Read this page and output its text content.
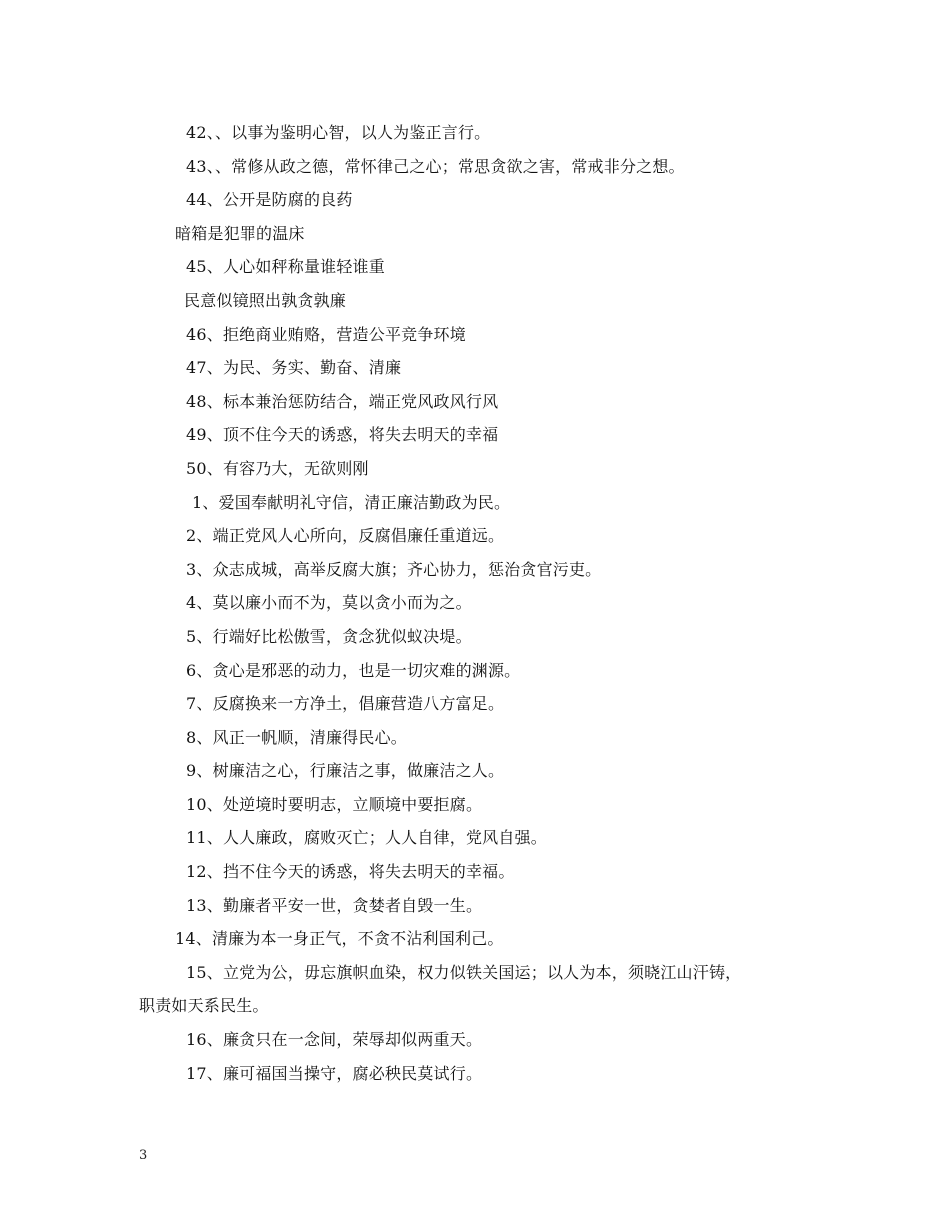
42、、以事为鉴明心智，以人为鉴正言行。
43、、常修从政之德，常怀律己之心；常思贪欲之害，常戒非分之想。
44、公开是防腐的良药
暗箱是犯罪的温床
45、人心如秤称量谁轻谁重
民意似镜照出孰贪孰廉
46、拒绝商业贿赂，营造公平竞争环境
47、为民、务实、勤奋、清廉
48、标本兼治惩防结合，端正党风政风行风
49、顶不住今天的诱惑，将失去明天的幸福
50、有容乃大，无欲则刚
1、爱国奉献明礼守信，清正廉洁勤政为民。
2、端正党风人心所向，反腐倡廉任重道远。
3、众志成城，高举反腐大旗；齐心协力，惩治贪官污吏。
4、莫以廉小而不为，莫以贪小而为之。
5、行端好比松傲雪，贪念犹似蚁决堤。
6、贪心是邪恶的动力，也是一切灾难的渊源。
7、反腐换来一方净土，倡廉营造八方富足。
8、风正一帆顺，清廉得民心。
9、树廉洁之心，行廉洁之事，做廉洁之人。
10、处逆境时要明志，立顺境中要拒腐。
11、人人廉政，腐败灭亡；人人自律，党风自强。
12、挡不住今天的诱惑，将失去明天的幸福。
13、勤廉者平安一世，贪婪者自毁一生。
14、清廉为本一身正气，不贪不沾利国利己。
15、立党为公，毋忘旗帜血染，权力似铁关国运；以人为本，须晓江山汗铸，
职责如天系民生。
16、廉贪只在一念间，荣辱却似两重天。
17、廉可福国当操守，腐必秧民莫试行。
3
